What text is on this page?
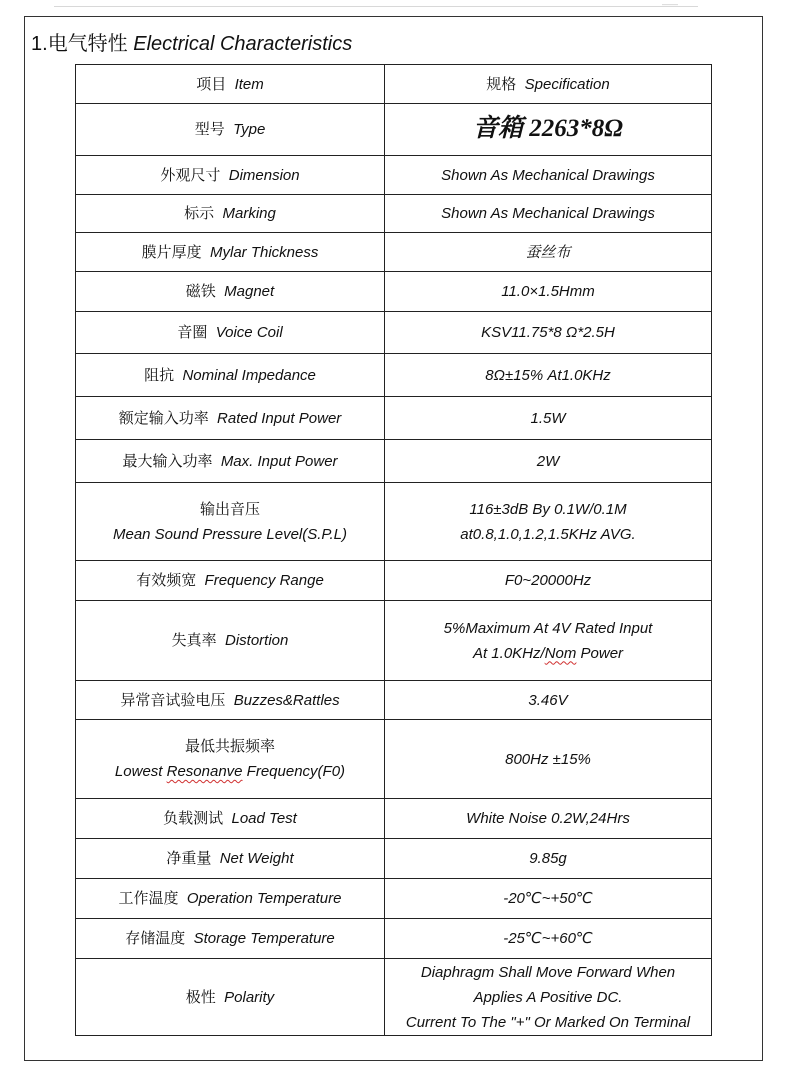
——
1.电气特性 Electrical Characteristics
项目 Item	规格 Specification
型号 Type	音箱 2263*8Ω
外观尺寸 Dimension	Shown As Mechanical Drawings
标示 Marking	Shown As Mechanical Drawings
膜片厚度 Mylar Thickness	蚕丝布
磁铁 Magnet	11.0×1.5Hmm
音圈 Voice Coil	KSV11.75*8 Ω*2.5H
阻抗 Nominal Impedance	8Ω±15% At1.0KHz
额定输入功率 Rated Input Power	1.5W
最大输入功率 Max. Input Power	2W
输出音压
Mean Sound Pressure Level(S.P.L)	116±3dB By 0.1W/0.1M
at0.8,1.0,1.2,1.5KHz AVG.
有效频宽 Frequency Range	F0~20000Hz
失真率 Distortion	5%Maximum At 4V Rated Input
At 1.0KHz/Nom Power
异常音试验电压 Buzzes&Rattles	3.46V
最低共振频率
Lowest Resonanve Frequency(F0)	800Hz ±15%
负载测试 Load Test	White Noise 0.2W,24Hrs
净重量 Net Weight	9.85g
工作温度 Operation Temperature	-20℃~+50℃
存储温度 Storage Temperature	-25℃~+60℃
极性 Polarity	Diaphragm Shall Move Forward When
Applies A Positive DC.
Current To The "+" Or Marked On Terminal
